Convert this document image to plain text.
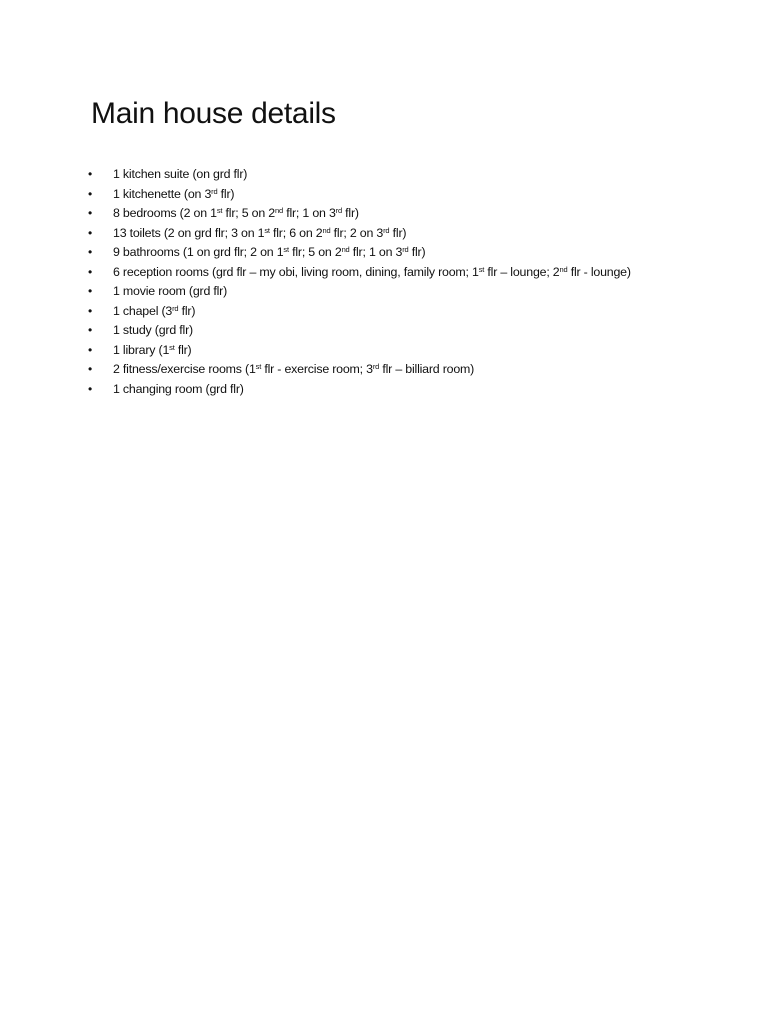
Main house details
•	1 kitchen suite (on grd flr)
•	1 kitchenette (on 3rd flr)
•	8 bedrooms (2 on 1st flr; 5 on 2nd flr; 1 on 3rd flr)
•	13 toilets (2 on grd flr; 3 on 1st flr; 6 on 2nd flr; 2 on 3rd flr)
•	9 bathrooms (1 on grd flr; 2 on 1st flr; 5 on 2nd flr; 1 on 3rd flr)
•	6 reception rooms (grd flr – my obi, living room, dining, family room; 1st flr – lounge; 2nd flr - lounge)
•	1 movie room (grd flr)
•	1 chapel (3rd flr)
•	1 study (grd flr)
•	1 library (1st flr)
•	2 fitness/exercise rooms (1st flr - exercise room; 3rd flr – billiard room)
•	1 changing room (grd flr)
